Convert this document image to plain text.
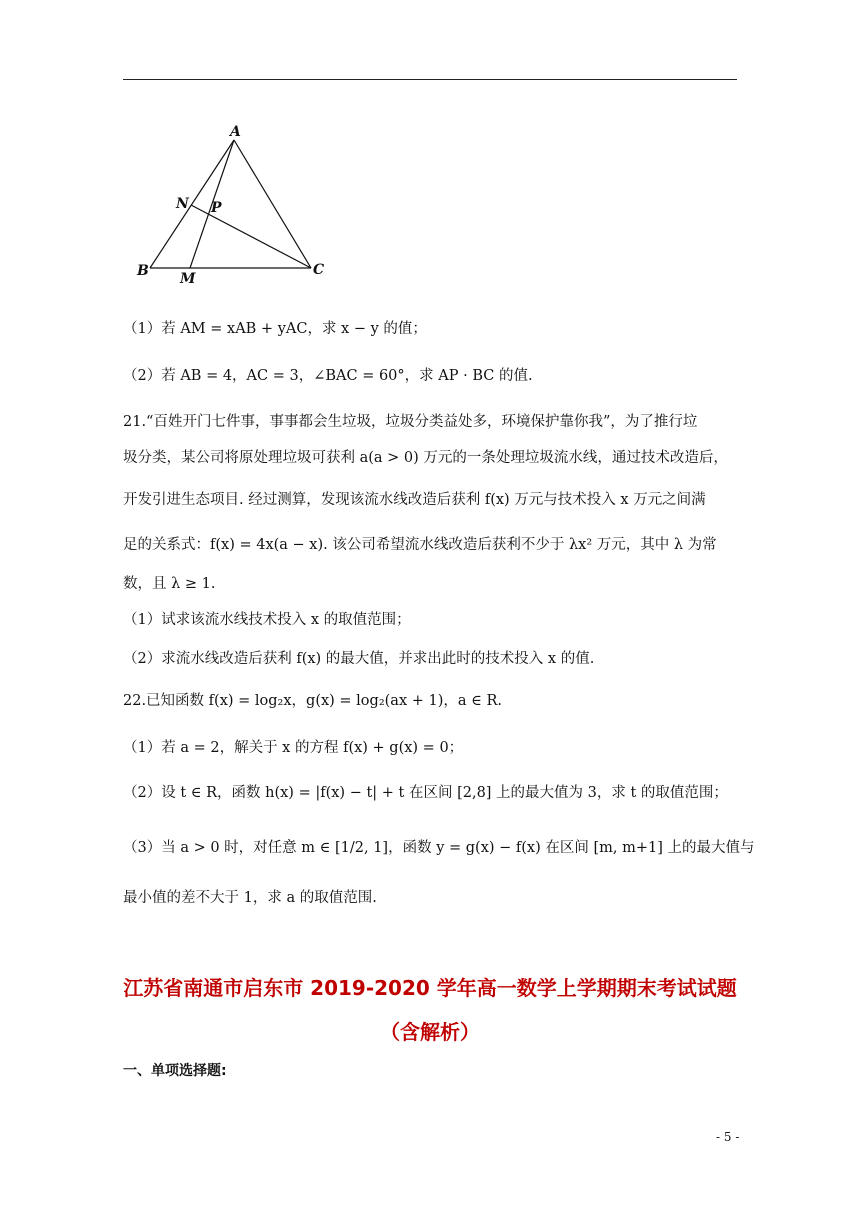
A
B	C
M
N P
（1）若 AM = xAB + yAC，求 x − y 的值；
（2）若 AB = 4，AC = 3，∠BAC = 60°，求 AP · BC 的值.
21.“百姓开门七件事，事事都会生垃圾，垃圾分类益处多，环境保护靠你我”，为了推行垃
圾分类，某公司将原处理垃圾可获利 a(a > 0) 万元的一条处理垃圾流水线，通过技术改造后，
开发引进生态项目. 经过测算，发现该流水线改造后获利 f(x) 万元与技术投入 x 万元之间满
足的关系式：f(x) = 4x(a − x). 该公司希望流水线改造后获利不少于 λx² 万元，其中 λ 为常
数，且 λ ≥ 1.
（1）试求该流水线技术投入 x 的取值范围；
（2）求流水线改造后获利 f(x) 的最大值，并求出此时的技术投入 x 的值.
22.已知函数 f(x) = log₂x，g(x) = log₂(ax + 1)，a ∈ R.
（1）若 a = 2，解关于 x 的方程 f(x) + g(x) = 0；
（2）设 t ∈ R，函数 h(x) = |f(x) − t| + t 在区间 [2,8] 上的最大值为 3，求 t 的取值范围；
（3）当 a > 0 时，对任意 m ∈ [1/2, 1]，函数 y = g(x) − f(x) 在区间 [m, m+1] 上的最大值与
最小值的差不大于 1，求 a 的取值范围.
江苏省南通市启东市 2019-2020 学年高一数学上学期期末考试试题
（含解析）
一、单项选择题:
- 5 -
